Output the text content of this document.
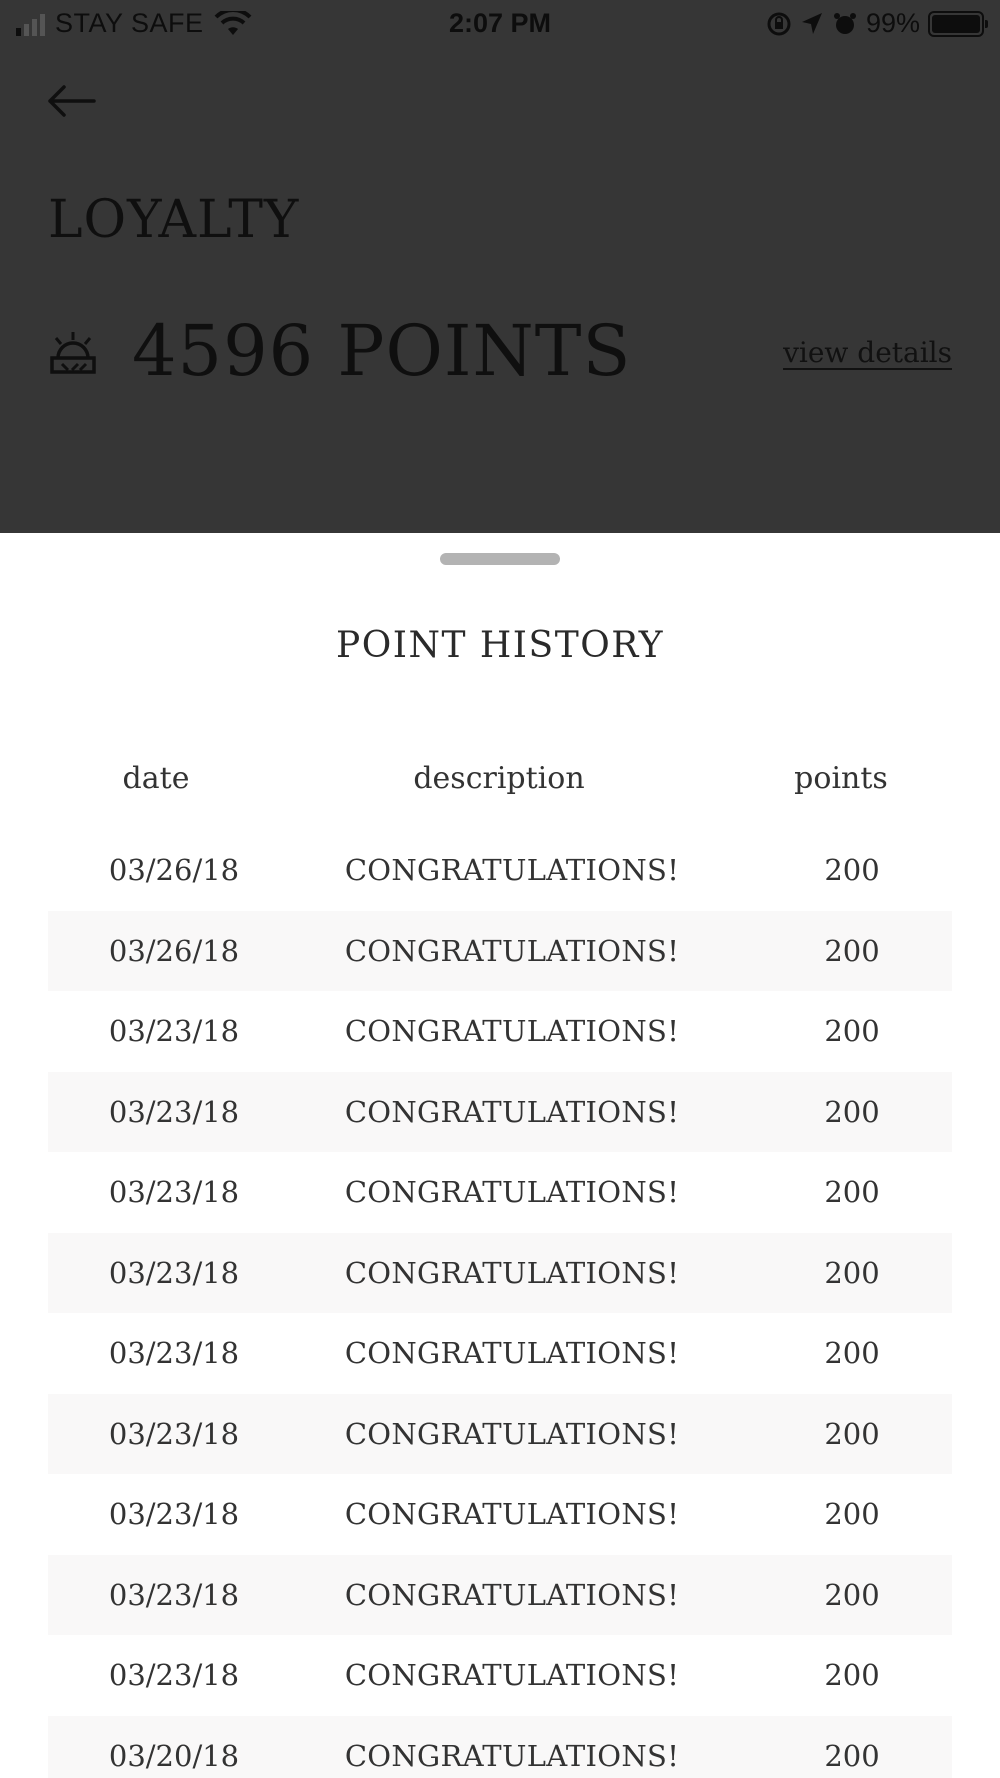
STAY SAFE	2:07 PM	99%
LOYALTY
4596 POINTS	view details
POINT HISTORY
date	description	points
03/26/18	CONGRATULATIONS!	200
03/26/18	CONGRATULATIONS!	200
03/23/18	CONGRATULATIONS!	200
03/23/18	CONGRATULATIONS!	200
03/23/18	CONGRATULATIONS!	200
03/23/18	CONGRATULATIONS!	200
03/23/18	CONGRATULATIONS!	200
03/23/18	CONGRATULATIONS!	200
03/23/18	CONGRATULATIONS!	200
03/23/18	CONGRATULATIONS!	200
03/23/18	CONGRATULATIONS!	200
03/20/18	CONGRATULATIONS!	200
